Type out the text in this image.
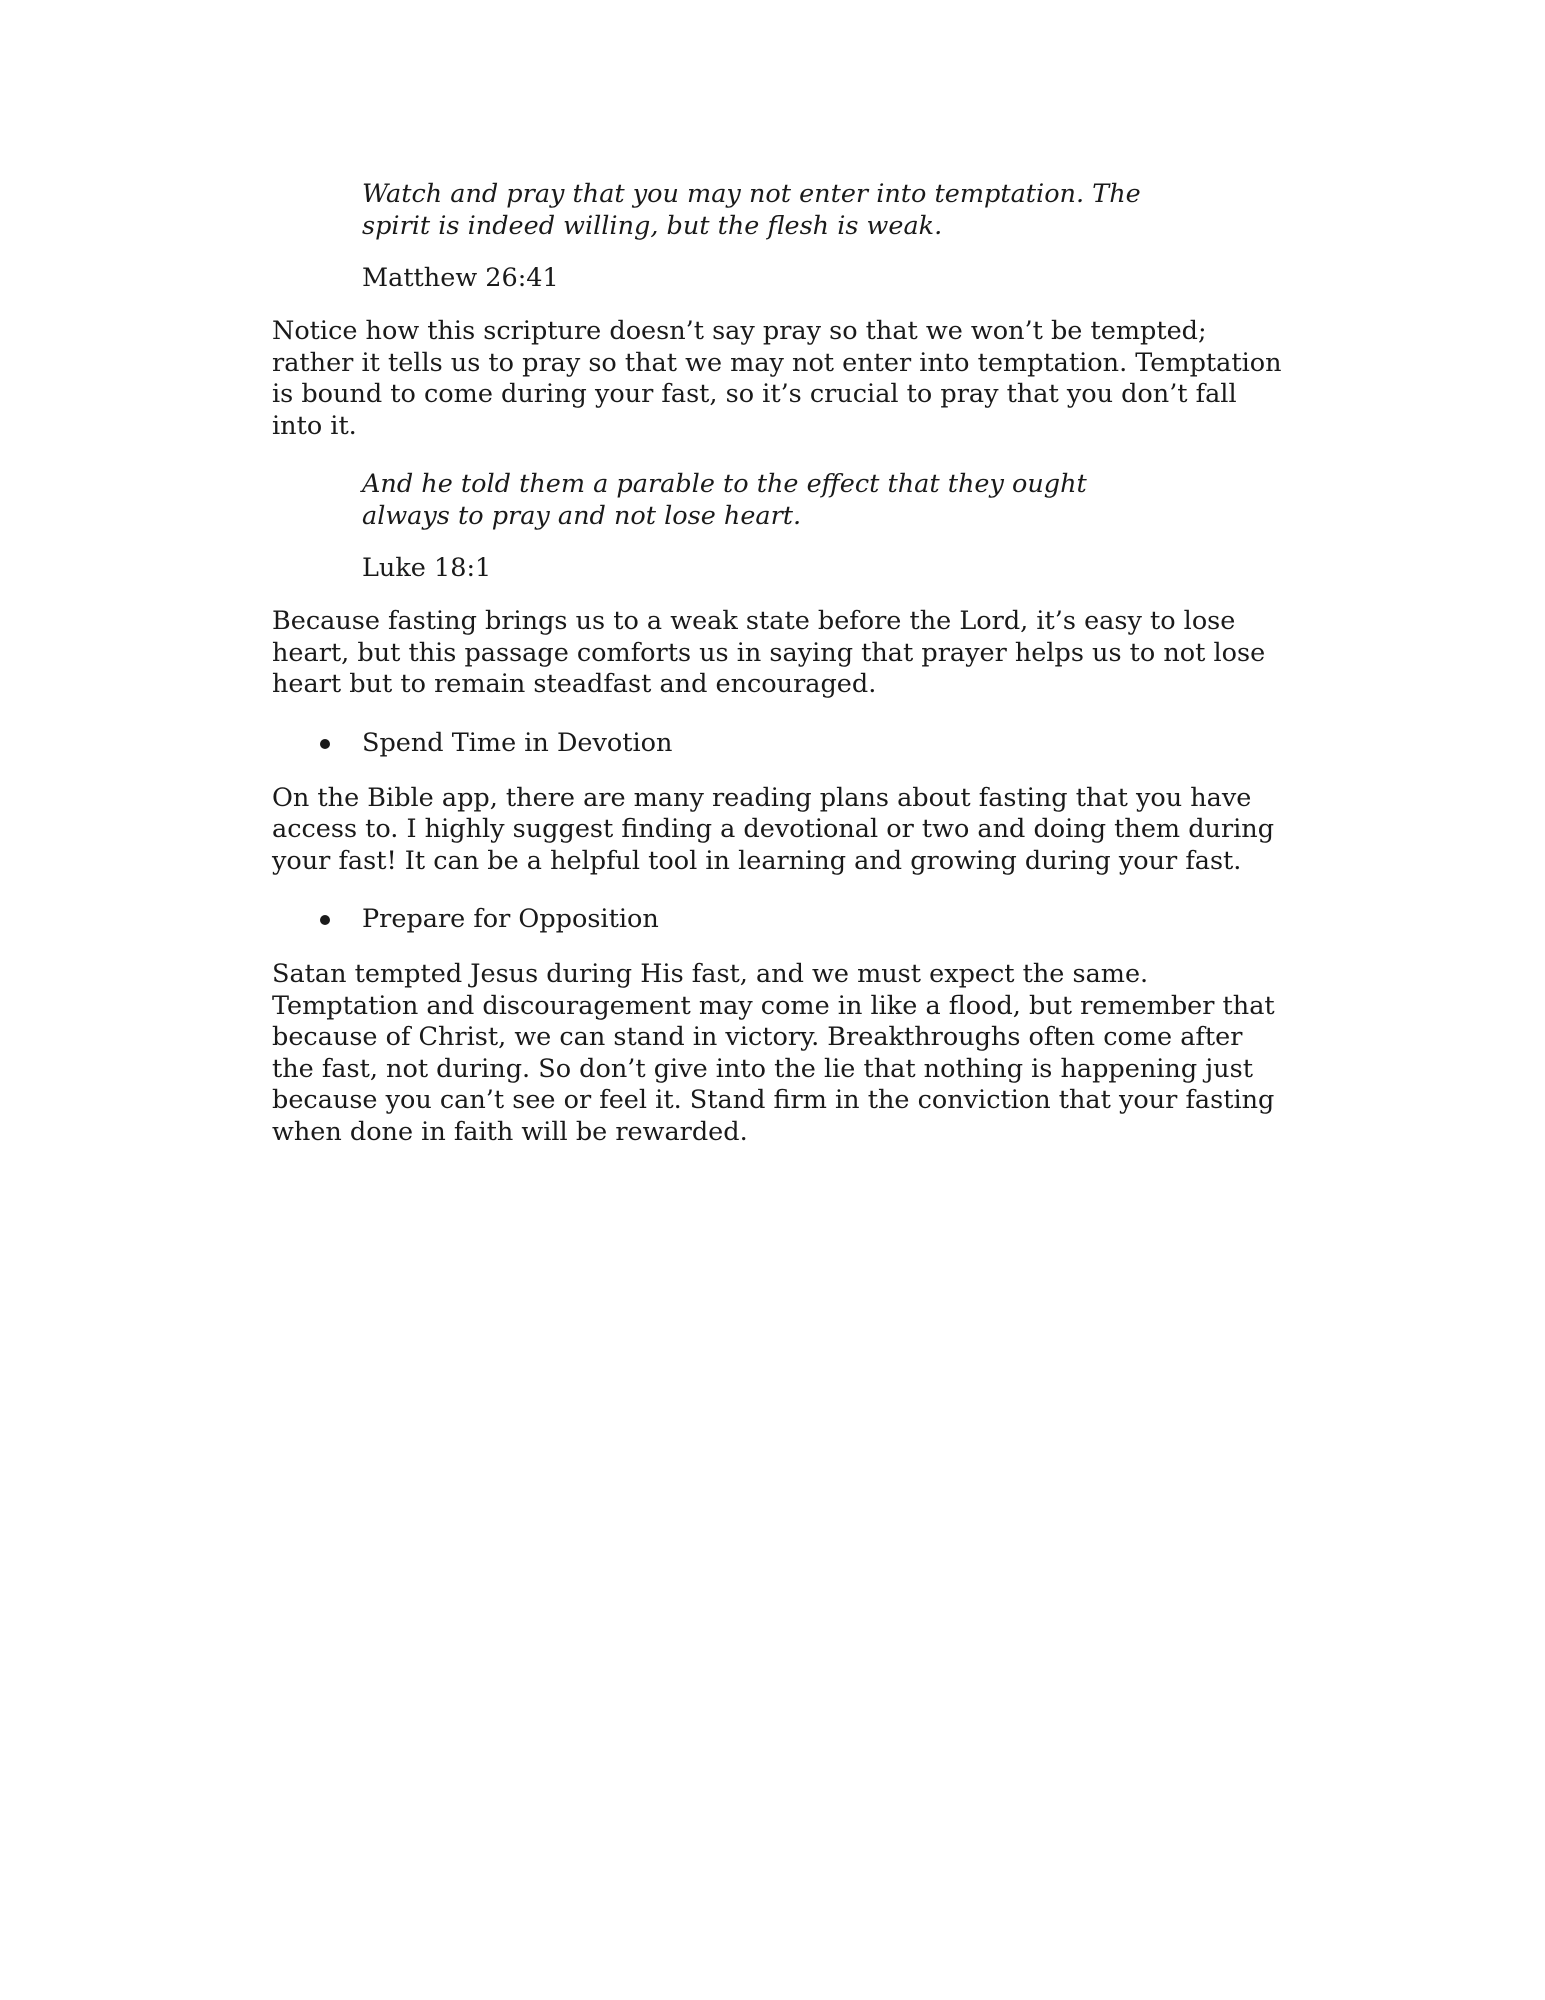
Watch and pray that you may not enter into temptation. The spirit is indeed willing, but the flesh is weak.

Matthew 26:41

Notice how this scripture doesn’t say pray so that we won’t be tempted; rather it tells us to pray so that we may not enter into temptation. Temptation is bound to come during your fast, so it’s crucial to pray that you don’t fall into it.

And he told them a parable to the effect that they ought always to pray and not lose heart.

Luke 18:1

Because fasting brings us to a weak state before the Lord, it’s easy to lose heart, but this passage comforts us in saying that prayer helps us to not lose heart but to remain steadfast and encouraged.

Spend Time in Devotion

On the Bible app, there are many reading plans about fasting that you have access to. I highly suggest finding a devotional or two and doing them during your fast! It can be a helpful tool in learning and growing during your fast.

Prepare for Opposition

Satan tempted Jesus during His fast, and we must expect the same. Temptation and discouragement may come in like a flood, but remember that because of Christ, we can stand in victory. Breakthroughs often come after the fast, not during. So don’t give into the lie that nothing is happening just because you can’t see or feel it. Stand firm in the conviction that your fasting when done in faith will be rewarded.
